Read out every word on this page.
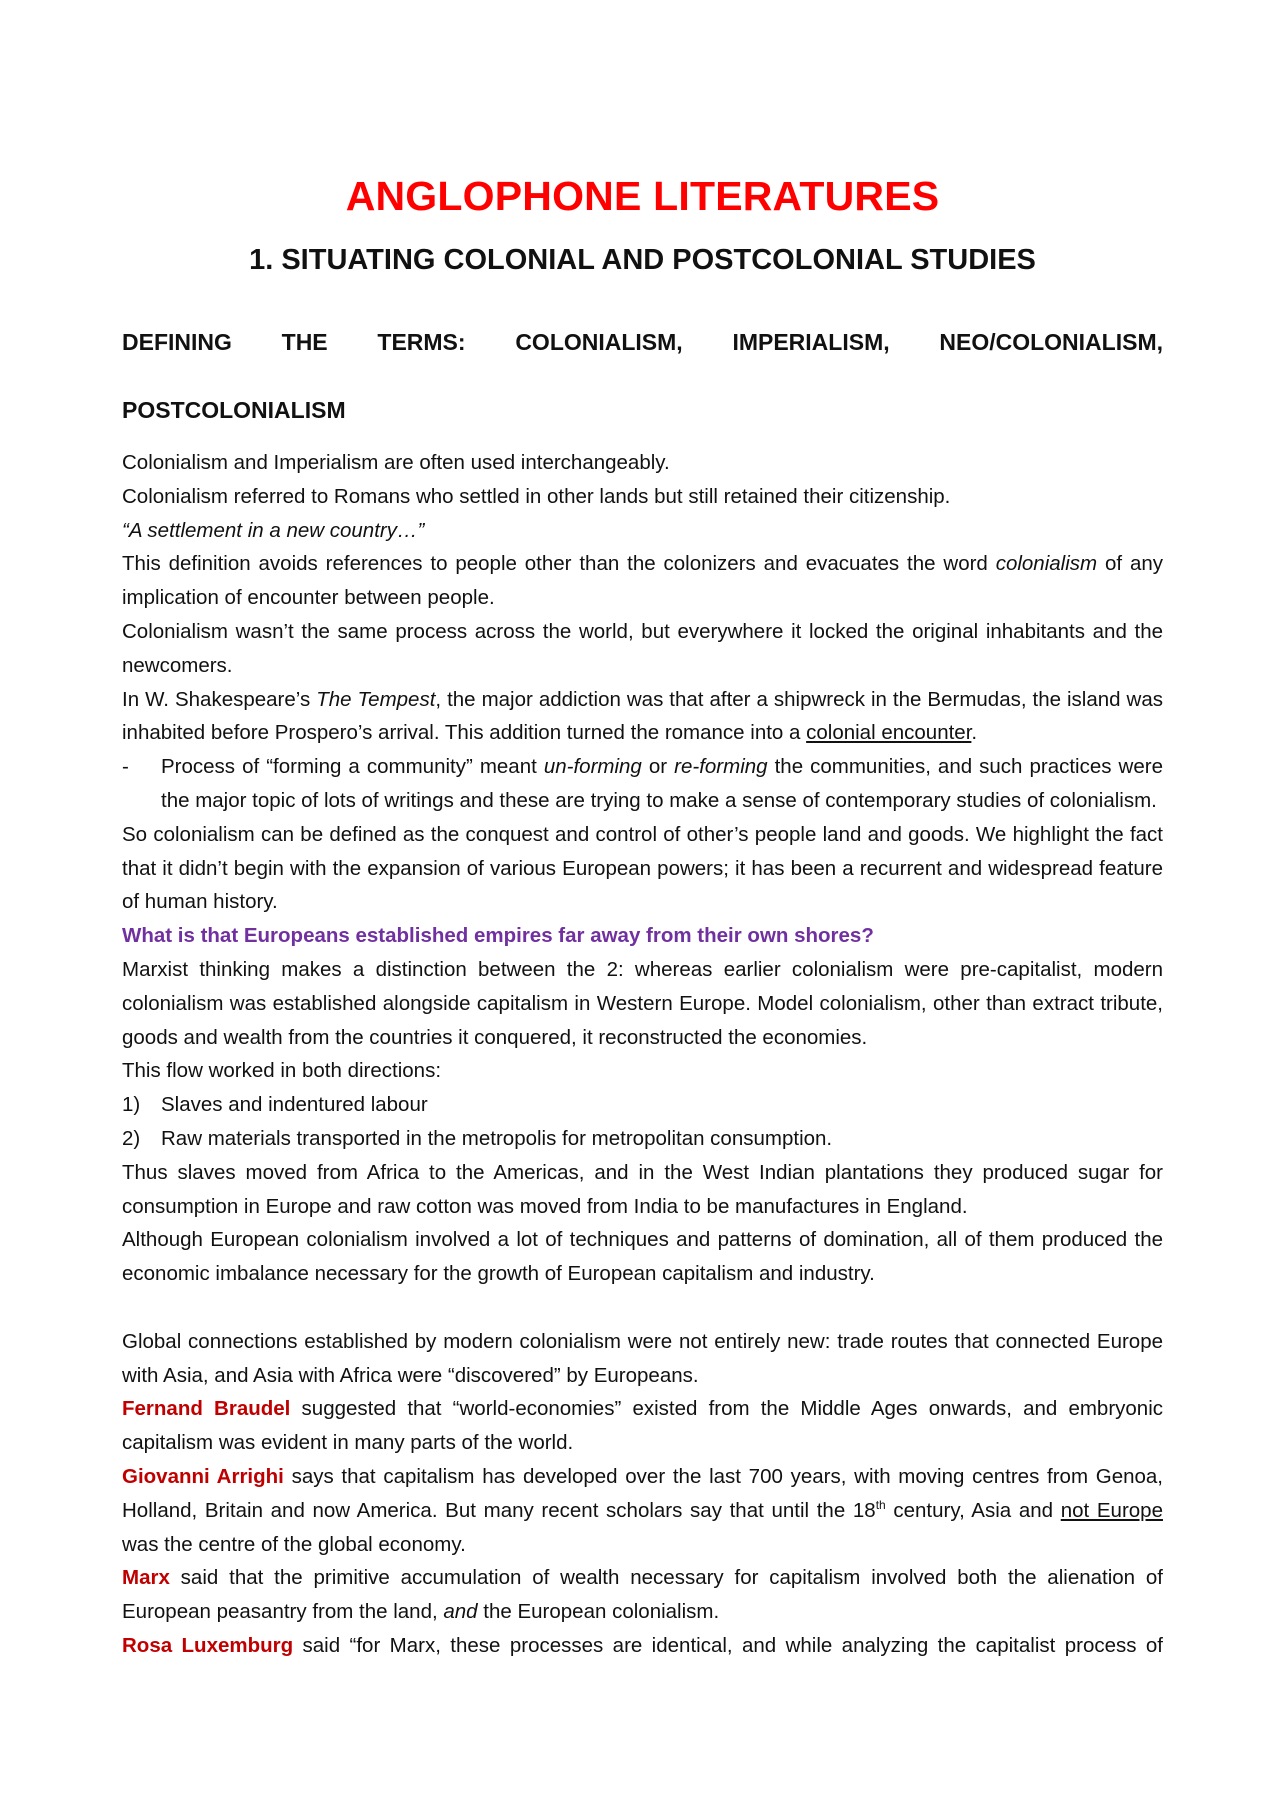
ANGLOPHONE LITERATURES
1. SITUATING COLONIAL AND POSTCOLONIAL STUDIES
DEFINING THE TERMS: COLONIALISM, IMPERIALISM, NEO/COLONIALISM,
POSTCOLONIALISM

Colonialism and Imperialism are often used interchangeably.

Colonialism referred to Romans who settled in other lands but still retained their citizenship.

“A settlement in a new country…”

This definition avoids references to people other than the colonizers and evacuates the word colonialism of any implication of encounter between people.

Colonialism wasn’t the same process across the world, but everywhere it locked the original inhabitants and the newcomers.

In W. Shakespeare’s The Tempest, the major addiction was that after a shipwreck in the Bermudas, the island was inhabited before Prospero’s arrival. This addition turned the romance into a colonial encounter.

- Process of “forming a community” meant un-forming or re-forming the communities, and such practices were the major topic of lots of writings and these are trying to make a sense of contemporary studies of colonialism.

So colonialism can be defined as the conquest and control of other’s people land and goods. We highlight the fact that it didn’t begin with the expansion of various European powers; it has been a recurrent and widespread feature of human history.

What is that Europeans established empires far away from their own shores?

Marxist thinking makes a distinction between the 2: whereas earlier colonialism were pre-capitalist, modern colonialism was established alongside capitalism in Western Europe. Model colonialism, other than extract tribute, goods and wealth from the countries it conquered, it reconstructed the economies.

This flow worked in both directions:

1) Slaves and indentured labour

2) Raw materials transported in the metropolis for metropolitan consumption.

Thus slaves moved from Africa to the Americas, and in the West Indian plantations they produced sugar for consumption in Europe and raw cotton was moved from India to be manufactures in England.

Although European colonialism involved a lot of techniques and patterns of domination, all of them produced the economic imbalance necessary for the growth of European capitalism and industry.

Global connections established by modern colonialism were not entirely new: trade routes that connected Europe with Asia, and Asia with Africa were “discovered” by Europeans.

Fernand Braudel suggested that “world-economies” existed from the Middle Ages onwards, and embryonic capitalism was evident in many parts of the world.

Giovanni Arrighi says that capitalism has developed over the last 700 years, with moving centres from Genoa, Holland, Britain and now America. But many recent scholars say that until the 18th century, Asia and not Europe was the centre of the global economy.

Marx said that the primitive accumulation of wealth necessary for capitalism involved both the alienation of European peasantry from the land, and the European colonialism.

Rosa Luxemburg said “for Marx, these processes are identical, and while analyzing the capitalist process of
